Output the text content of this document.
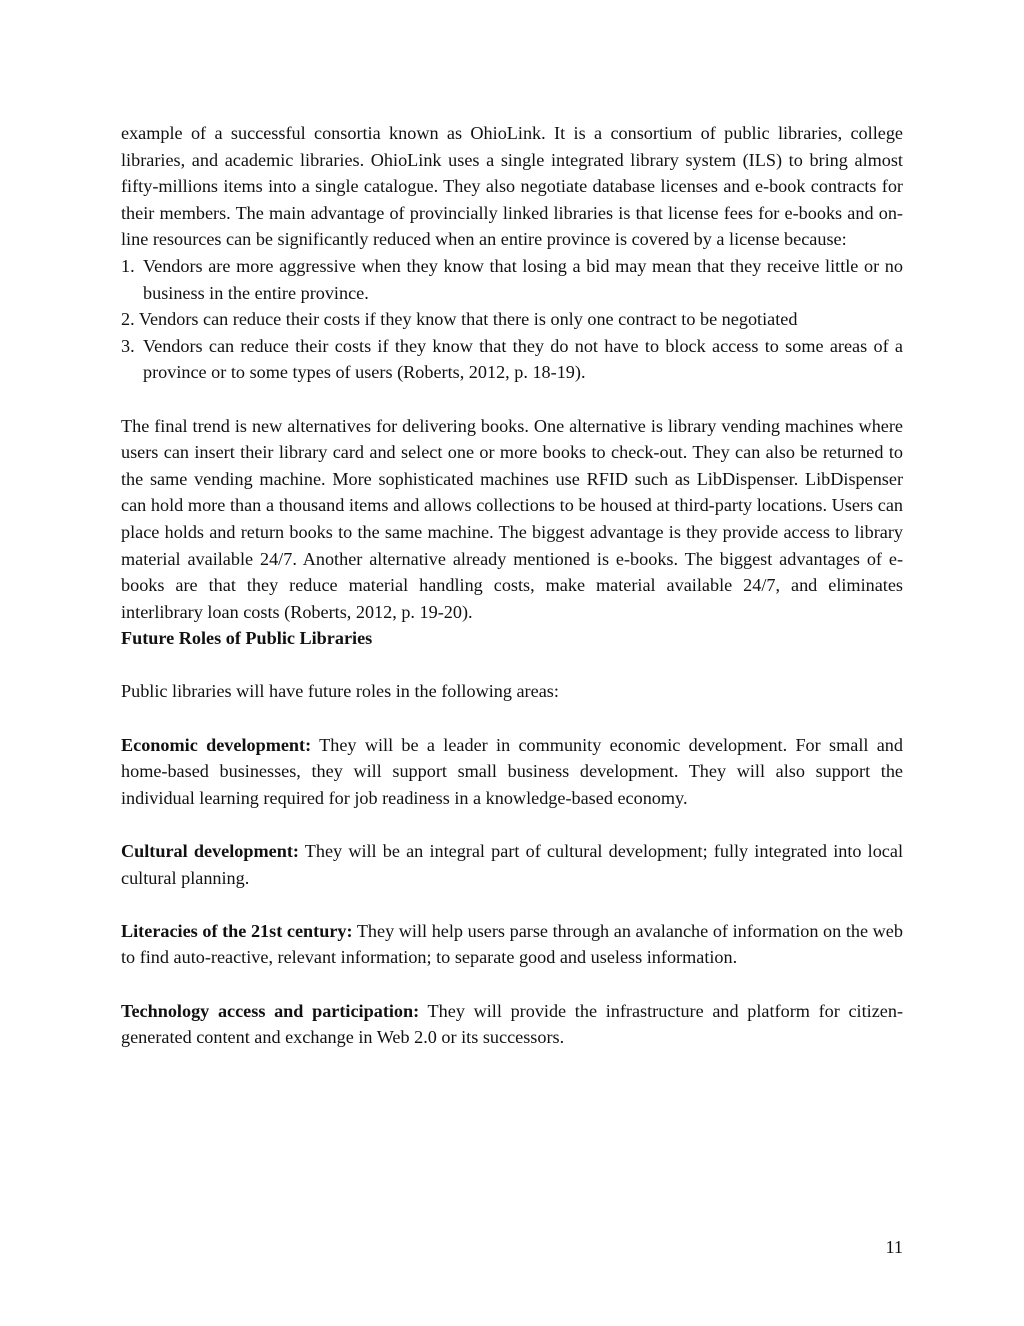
example of a successful consortia known as OhioLink. It is a consortium of public libraries, college libraries, and academic libraries. OhioLink uses a single integrated library system (ILS) to bring almost fifty-millions items into a single catalogue. They also negotiate database licenses and e-book contracts for their members. The main advantage of provincially linked libraries is that license fees for e-books and on-line resources can be significantly reduced when an entire province is covered by a license because:

1. Vendors are more aggressive when they know that losing a bid may mean that they receive little or no business in the entire province.
2. Vendors can reduce their costs if they know that there is only one contract to be negotiated
3. Vendors can reduce their costs if they know that they do not have to block access to some areas of a province or to some types of users (Roberts, 2012, p. 18-19).

The final trend is new alternatives for delivering books. One alternative is library vending machines where users can insert their library card and select one or more books to check-out. They can also be returned to the same vending machine. More sophisticated machines use RFID such as LibDispenser. LibDispenser can hold more than a thousand items and allows collections to be housed at third-party locations. Users can place holds and return books to the same machine. The biggest advantage is they provide access to library material available 24/7. Another alternative already mentioned is e-books. The biggest advantages of e-books are that they reduce material handling costs, make material available 24/7, and eliminates interlibrary loan costs (Roberts, 2012, p. 19-20).

Future Roles of Public Libraries

Public libraries will have future roles in the following areas:

Economic development: They will be a leader in community economic development. For small and home-based businesses, they will support small business development. They will also support the individual learning required for job readiness in a knowledge-based economy.

Cultural development: They will be an integral part of cultural development; fully integrated into local cultural planning.

Literacies of the 21st century: They will help users parse through an avalanche of information on the web to find auto-reactive, relevant information; to separate good and useless information.

Technology access and participation: They will provide the infrastructure and platform for citizen-generated content and exchange in Web 2.0 or its successors.

11
